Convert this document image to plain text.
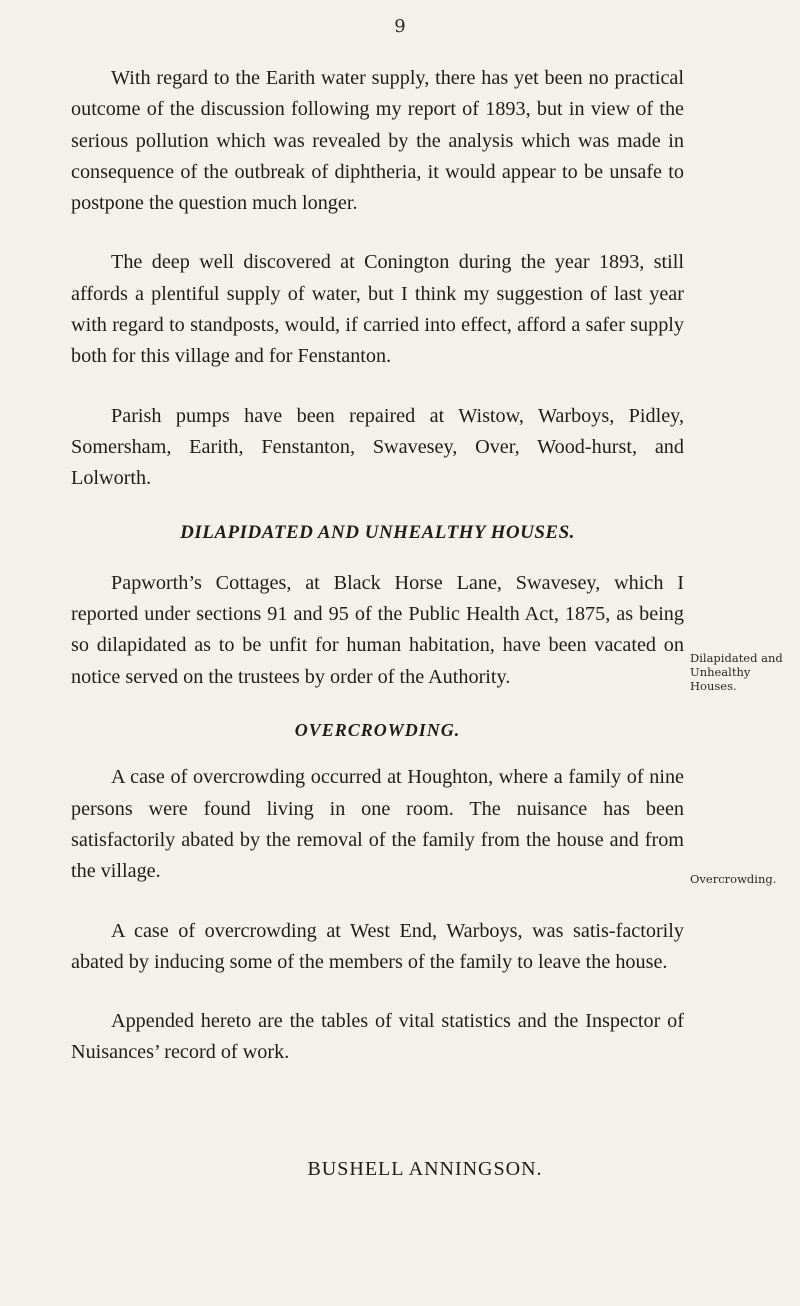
9

With regard to the Earith water supply, there has yet been no practical outcome of the discussion following my report of 1893, but in view of the serious pollution which was revealed by the analysis which was made in consequence of the outbreak of diphtheria, it would appear to be unsafe to postpone the question much longer.

The deep well discovered at Conington during the year 1893, still affords a plentiful supply of water, but I think my suggestion of last year with regard to standposts, would, if carried into effect, afford a safer supply both for this village and for Fenstanton.

Parish pumps have been repaired at Wistow, Warboys, Pidley, Somersham, Earith, Fenstanton, Swavesey, Over, Wood-hurst, and Lolworth.

DILAPIDATED AND UNHEALTHY HOUSES.

Papworth’s Cottages, at Black Horse Lane, Swavesey, which I reported under sections 91 and 95 of the Public Health Act, 1875, as being so dilapidated as to be unfit for human habitation, have been vacated on notice served on the trustees by order of the Authority.

OVERCROWDING.

A case of overcrowding occurred at Houghton, where a family of nine persons were found living in one room. The nuisance has been satisfactorily abated by the removal of the family from the house and from the village.

A case of overcrowding at West End, Warboys, was satis-factorily abated by inducing some of the members of the family to leave the house.

Appended hereto are the tables of vital statistics and the Inspector of Nuisances’ record of work.

Dilapidated and Unhealthy Houses.
Overcrowding.
BUSHELL ANNINGSON.
